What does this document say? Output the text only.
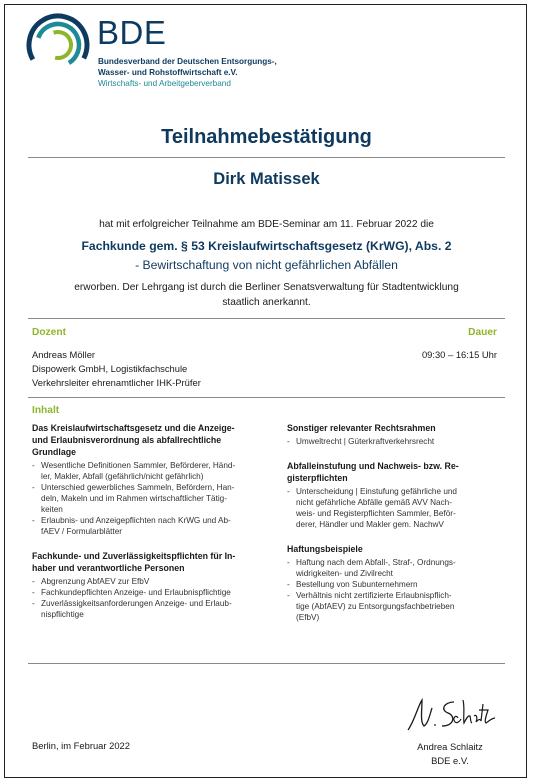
BDE
Bundesverband der Deutschen Entsorgungs-,
Wasser- und Rohstoffwirtschaft e.V.
Wirtschafts- und Arbeitgeberverband
Teilnahmebestätigung
Dirk Matissek
hat mit erfolgreicher Teilnahme am BDE-Seminar am 11. Februar 2022 die
Fachkunde gem. § 53 Kreislaufwirtschaftsgesetz (KrWG), Abs. 2
- Bewirtschaftung von nicht gefährlichen Abfällen
erworben. Der Lehrgang ist durch die Berliner Senatsverwaltung für Stadtentwicklung
staatlich anerkannt.
Dozent	Dauer
Andreas Möller
Dispowerk GmbH, Logistikfachschule
Verkehrsleiter ehrenamtlicher IHK-Prüfer
09:30 – 16:15 Uhr
Inhalt
Das Kreislaufwirtschaftsgesetz und die Anzeige-
und Erlaubnisverordnung als abfallrechtliche
Grundlage
- Wesentliche Definitionen Sammler, Beförderer, Händ-
ler, Makler, Abfall (gefährlich/nicht gefährlich)
- Unterschied gewerbliches Sammeln, Befördern, Han-
deln, Makeln und im Rahmen wirtschaftlicher Tätig-
keiten
- Erlaubnis- und Anzeigepflichten nach KrWG und Ab-
fAEV / Formularblätter
Fachkunde- und Zuverlässigkeitspflichten für In-
haber und verantwortliche Personen
- Abgrenzung AbfAEV zur EfbV
- Fachkundepflichten Anzeige- und Erlaubnispflichtige
- Zuverlässigkeitsanforderungen Anzeige- und Erlaub-
nispflichtige
Sonstiger relevanter Rechtsrahmen
- Umweltrecht | Güterkraftverkehrsrecht
Abfalleinstufung und Nachweis- bzw. Re-
gisterpflichten
- Unterscheidung | Einstufung gefährliche und
nicht gefährliche Abfälle gemäß AVV Nach-
weis- und Registerpflichten Sammler, Beför-
derer, Händler und Makler gem. NachwV
Haftungsbeispiele
- Haftung nach dem Abfall-, Straf-, Ordnungs-
widrigkeiten- und Zivilrecht
- Bestellung von Subunternehmern
- Verhältnis nicht zertifizierte Erlaubnispflich-
tige (AbfAEV) zu Entsorgungsfachbetrieben
(EfbV)
Berlin, im Februar 2022	Andrea Schlaitz
BDE e.V.
